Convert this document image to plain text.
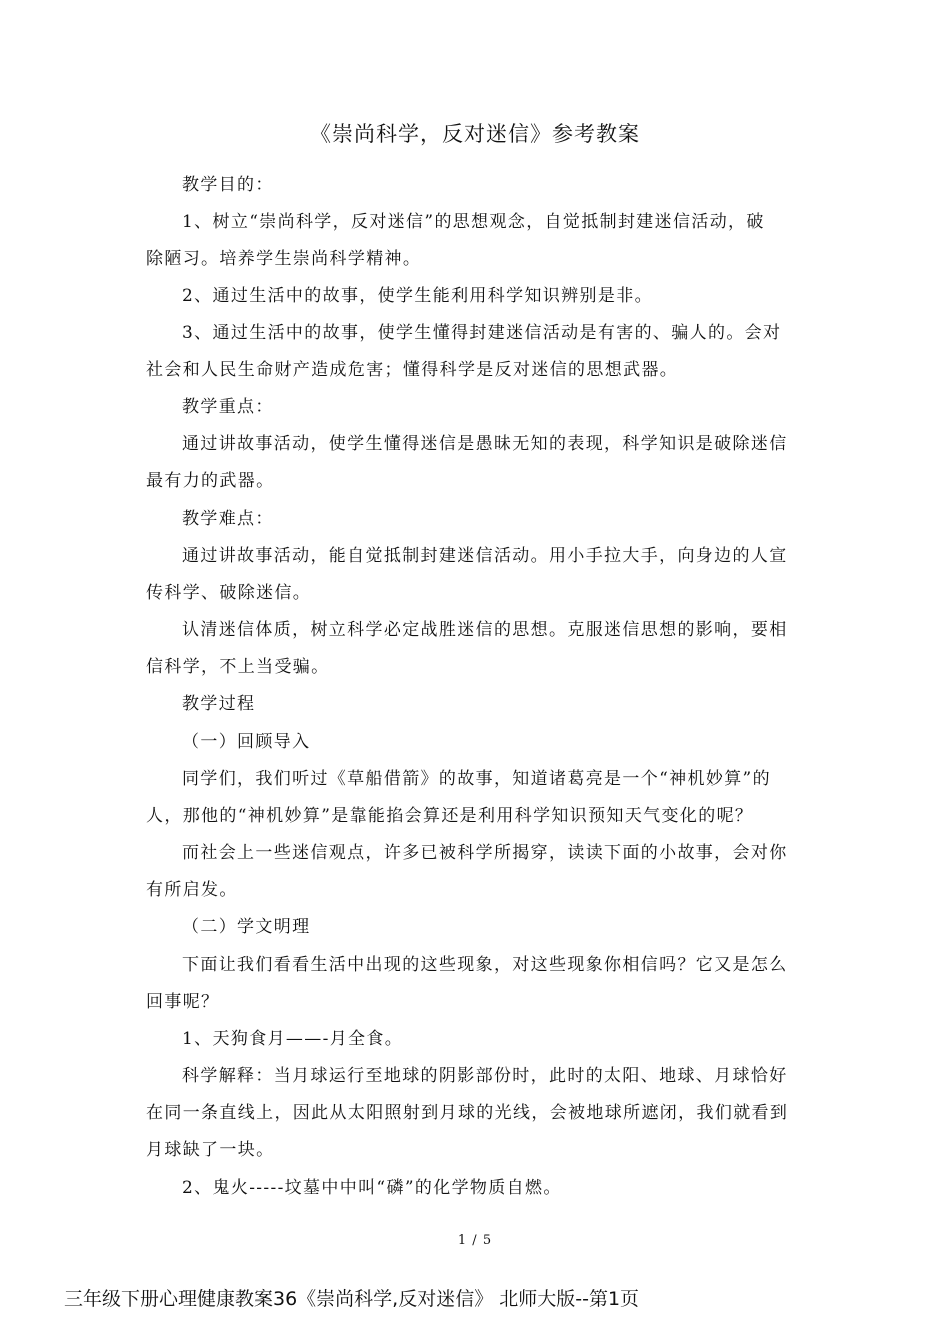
《崇尚科学，反对迷信》参考教案
教学目的：
1、树立“崇尚科学，反对迷信”的思想观念，自觉抵制封建迷信活动，破
除陋习。培养学生崇尚科学精神。
2、通过生活中的故事，使学生能利用科学知识辨别是非。
3、通过生活中的故事，使学生懂得封建迷信活动是有害的、骗人的。会对
社会和人民生命财产造成危害；懂得科学是反对迷信的思想武器。
教学重点：
通过讲故事活动，使学生懂得迷信是愚昧无知的表现，科学知识是破除迷信
最有力的武器。
教学难点：
通过讲故事活动，能自觉抵制封建迷信活动。用小手拉大手，向身边的人宣
传科学、破除迷信。
认清迷信体质，树立科学必定战胜迷信的思想。克服迷信思想的影响，要相
信科学，不上当受骗。
教学过程
（一）回顾导入
同学们，我们听过《草船借箭》的故事，知道诸葛亮是一个“神机妙算”的
人，那他的“神机妙算”是靠能掐会算还是利用科学知识预知天气变化的呢？
而社会上一些迷信观点，许多已被科学所揭穿，读读下面的小故事，会对你
有所启发。
（二）学文明理
下面让我们看看生活中出现的这些现象，对这些现象你相信吗？它又是怎么
回事呢？
1、天狗食月——-月全食。
科学解释：当月球运行至地球的阴影部份时，此时的太阳、地球、月球恰好
在同一条直线上，因此从太阳照射到月球的光线，会被地球所遮闭，我们就看到
月球缺了一块。
2、鬼火-----坟墓中中叫“磷”的化学物质自燃。
1 / 5
三年级下册心理健康教案36《崇尚科学,反对迷信》 北师大版--第1页
